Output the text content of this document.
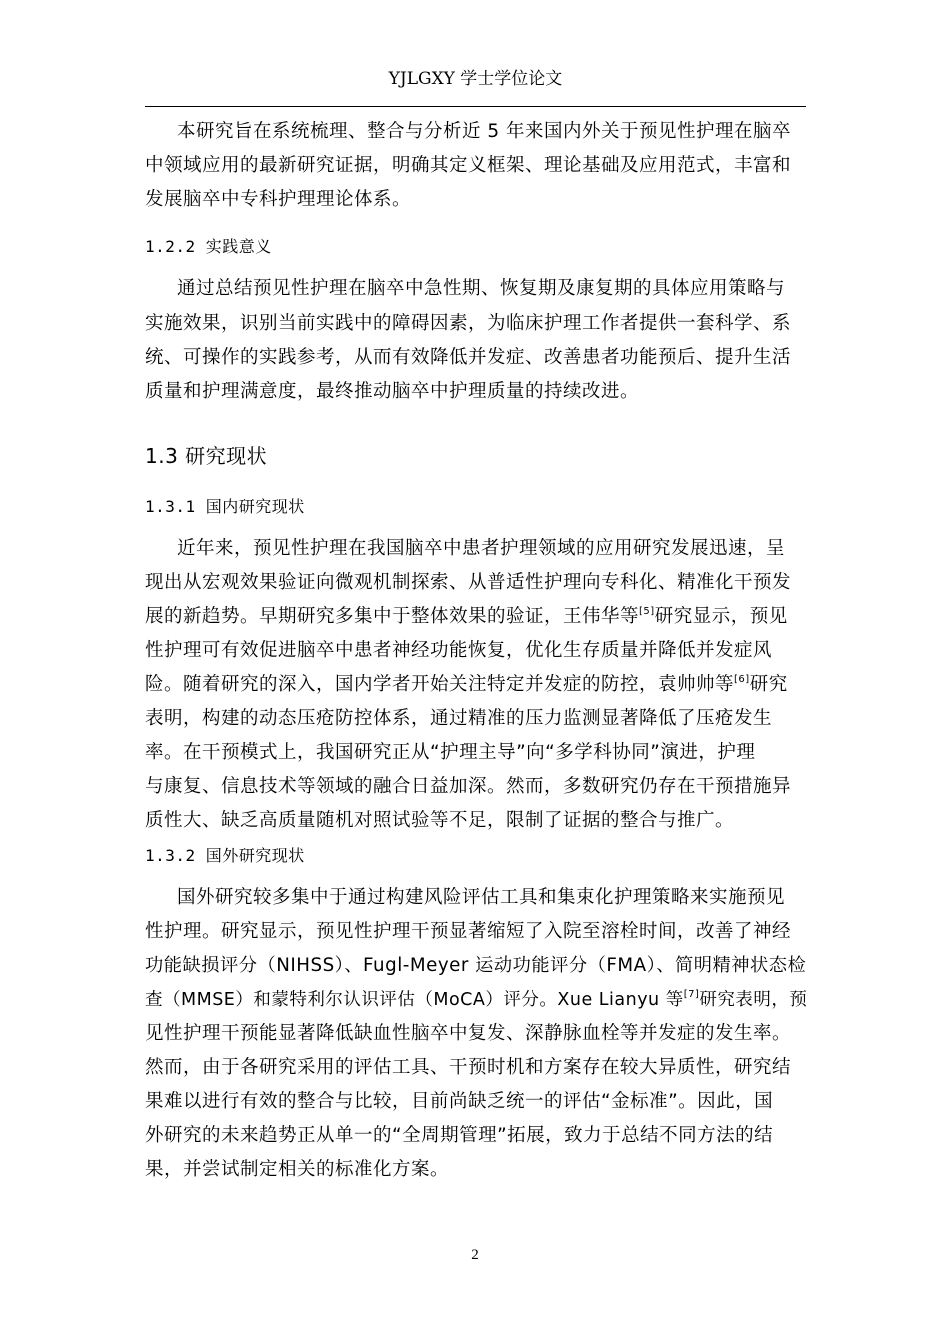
YJLGXY 学士学位论文
本研究旨在系统梳理、整合与分析近 5 年来国内外关于预见性护理在脑卒
中领域应用的最新研究证据，明确其定义框架、理论基础及应用范式，丰富和
发展脑卒中专科护理理论体系。
1.2.2 实践意义
通过总结预见性护理在脑卒中急性期、恢复期及康复期的具体应用策略与
实施效果，识别当前实践中的障碍因素，为临床护理工作者提供一套科学、系
统、可操作的实践参考，从而有效降低并发症、改善患者功能预后、提升生活
质量和护理满意度，最终推动脑卒中护理质量的持续改进。
1.3 研究现状
1.3.1 国内研究现状
近年来，预见性护理在我国脑卒中患者护理领域的应用研究发展迅速，呈
现出从宏观效果验证向微观机制探索、从普适性护理向专科化、精准化干预发
展的新趋势。早期研究多集中于整体效果的验证，王伟华等[5]研究显示，预见
性护理可有效促进脑卒中患者神经功能恢复，优化生存质量并降低并发症风
险。随着研究的深入，国内学者开始关注特定并发症的防控，袁帅帅等[6]研究
表明，构建的动态压疮防控体系，通过精准的压力监测显著降低了压疮发生
率。在干预模式上，我国研究正从“护理主导”向“多学科协同”演进，护理
与康复、信息技术等领域的融合日益加深。然而，多数研究仍存在干预措施异
质性大、缺乏高质量随机对照试验等不足，限制了证据的整合与推广。
1.3.2 国外研究现状
国外研究较多集中于通过构建风险评估工具和集束化护理策略来实施预见
性护理。研究显示，预见性护理干预显著缩短了入院至溶栓时间，改善了神经
功能缺损评分（NIHSS）、Fugl-Meyer 运动功能评分（FMA）、简明精神状态检
查（MMSE）和蒙特利尔认识评估（MoCA）评分。Xue Lianyu 等[7]研究表明，预
见性护理干预能显著降低缺血性脑卒中复发、深静脉血栓等并发症的发生率。
然而，由于各研究采用的评估工具、干预时机和方案存在较大异质性，研究结
果难以进行有效的整合与比较，目前尚缺乏统一的评估“金标准”。因此，国
外研究的未来趋势正从单一的“全周期管理”拓展，致力于总结不同方法的结
果，并尝试制定相关的标准化方案。
2
